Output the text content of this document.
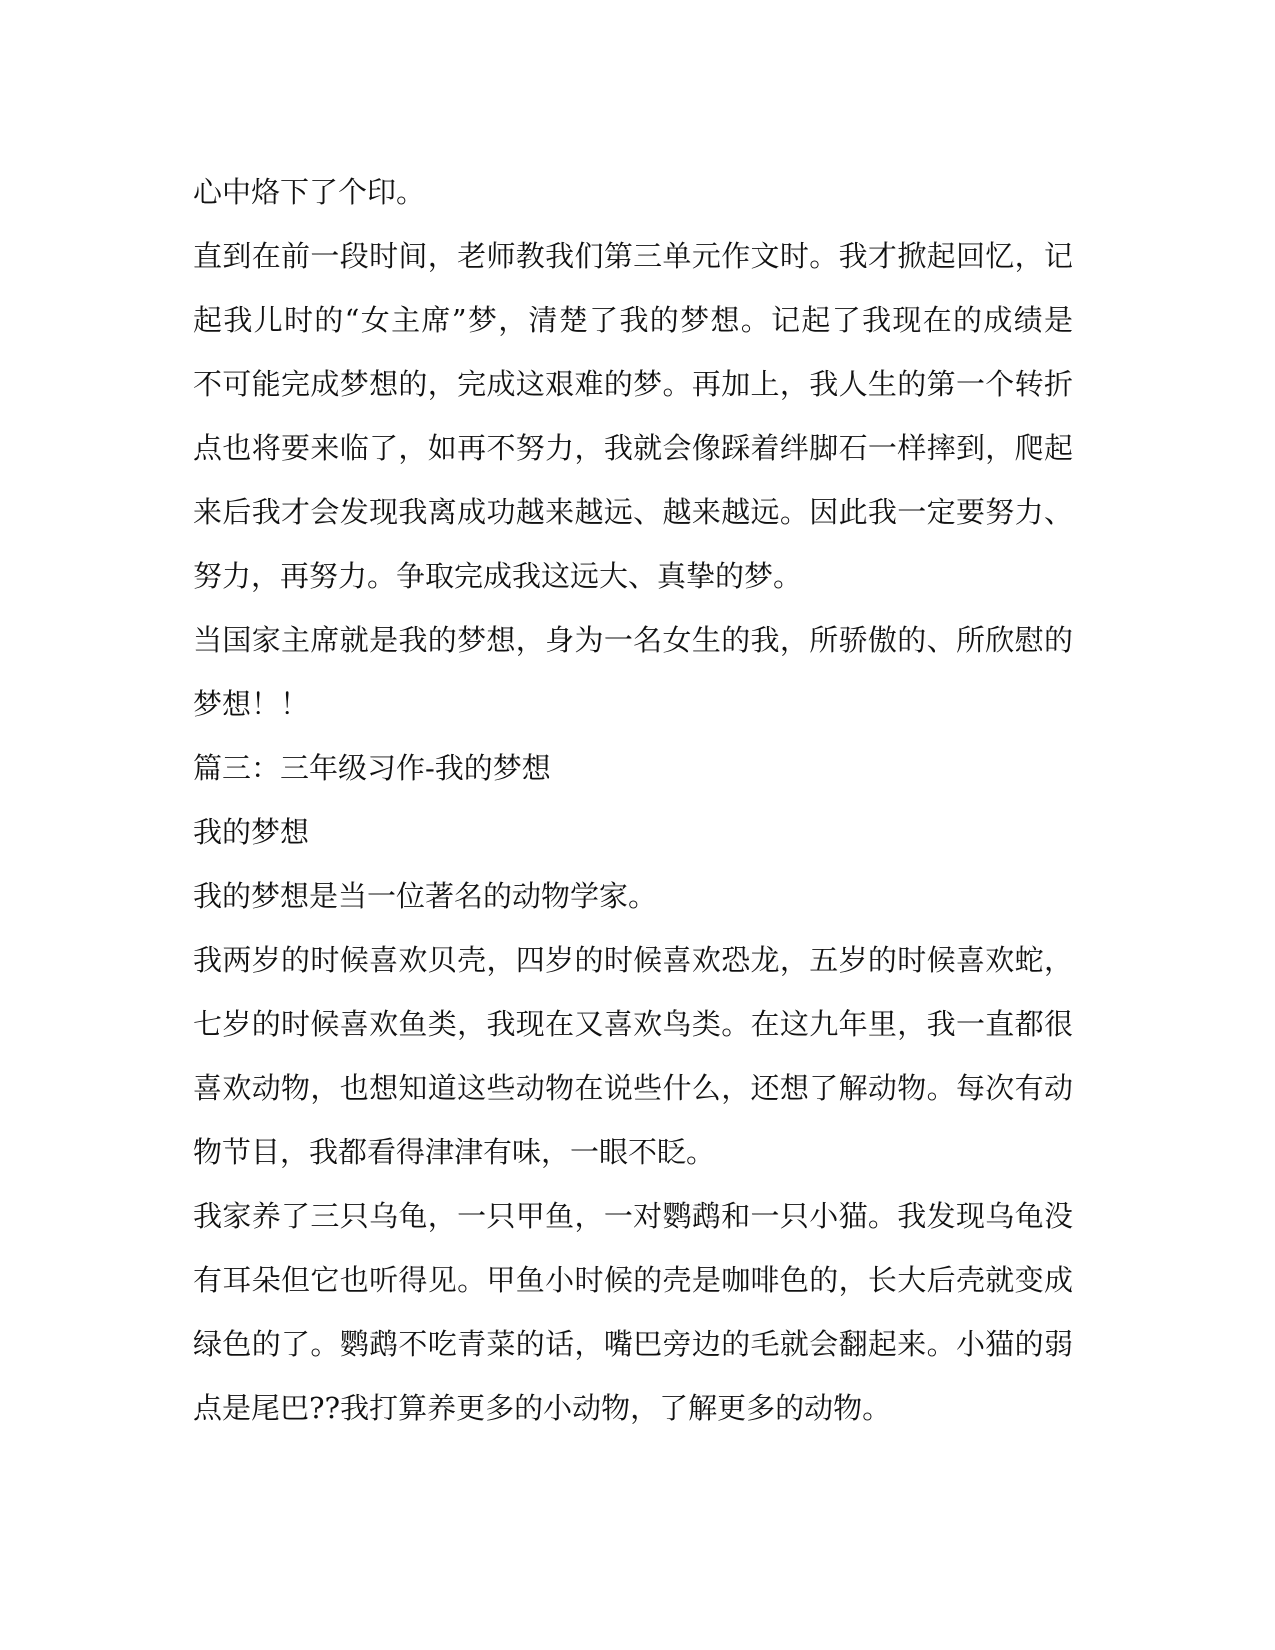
心中烙下了个印。
直到在前一段时间，老师教我们第三单元作文时。我才掀起回忆，记
起我儿时的“女主席”梦，清楚了我的梦想。记起了我现在的成绩是
不可能完成梦想的，完成这艰难的梦。再加上，我人生的第一个转折
点也将要来临了，如再不努力，我就会像踩着绊脚石一样摔到，爬起
来后我才会发现我离成功越来越远、越来越远。因此我一定要努力、
努力，再努力。争取完成我这远大、真挚的梦。
当国家主席就是我的梦想，身为一名女生的我，所骄傲的、所欣慰的
梦想！！
篇三：三年级习作-我的梦想
我的梦想
我的梦想是当一位著名的动物学家。
我两岁的时候喜欢贝壳，四岁的时候喜欢恐龙，五岁的时候喜欢蛇，
七岁的时候喜欢鱼类，我现在又喜欢鸟类。在这九年里，我一直都很
喜欢动物，也想知道这些动物在说些什么，还想了解动物。每次有动
物节目，我都看得津津有味，一眼不眨。
我家养了三只乌龟，一只甲鱼，一对鹦鹉和一只小猫。我发现乌龟没
有耳朵但它也听得见。甲鱼小时候的壳是咖啡色的，长大后壳就变成
绿色的了。鹦鹉不吃青菜的话，嘴巴旁边的毛就会翻起来。小猫的弱
点是尾巴??我打算养更多的小动物，了解更多的动物。
